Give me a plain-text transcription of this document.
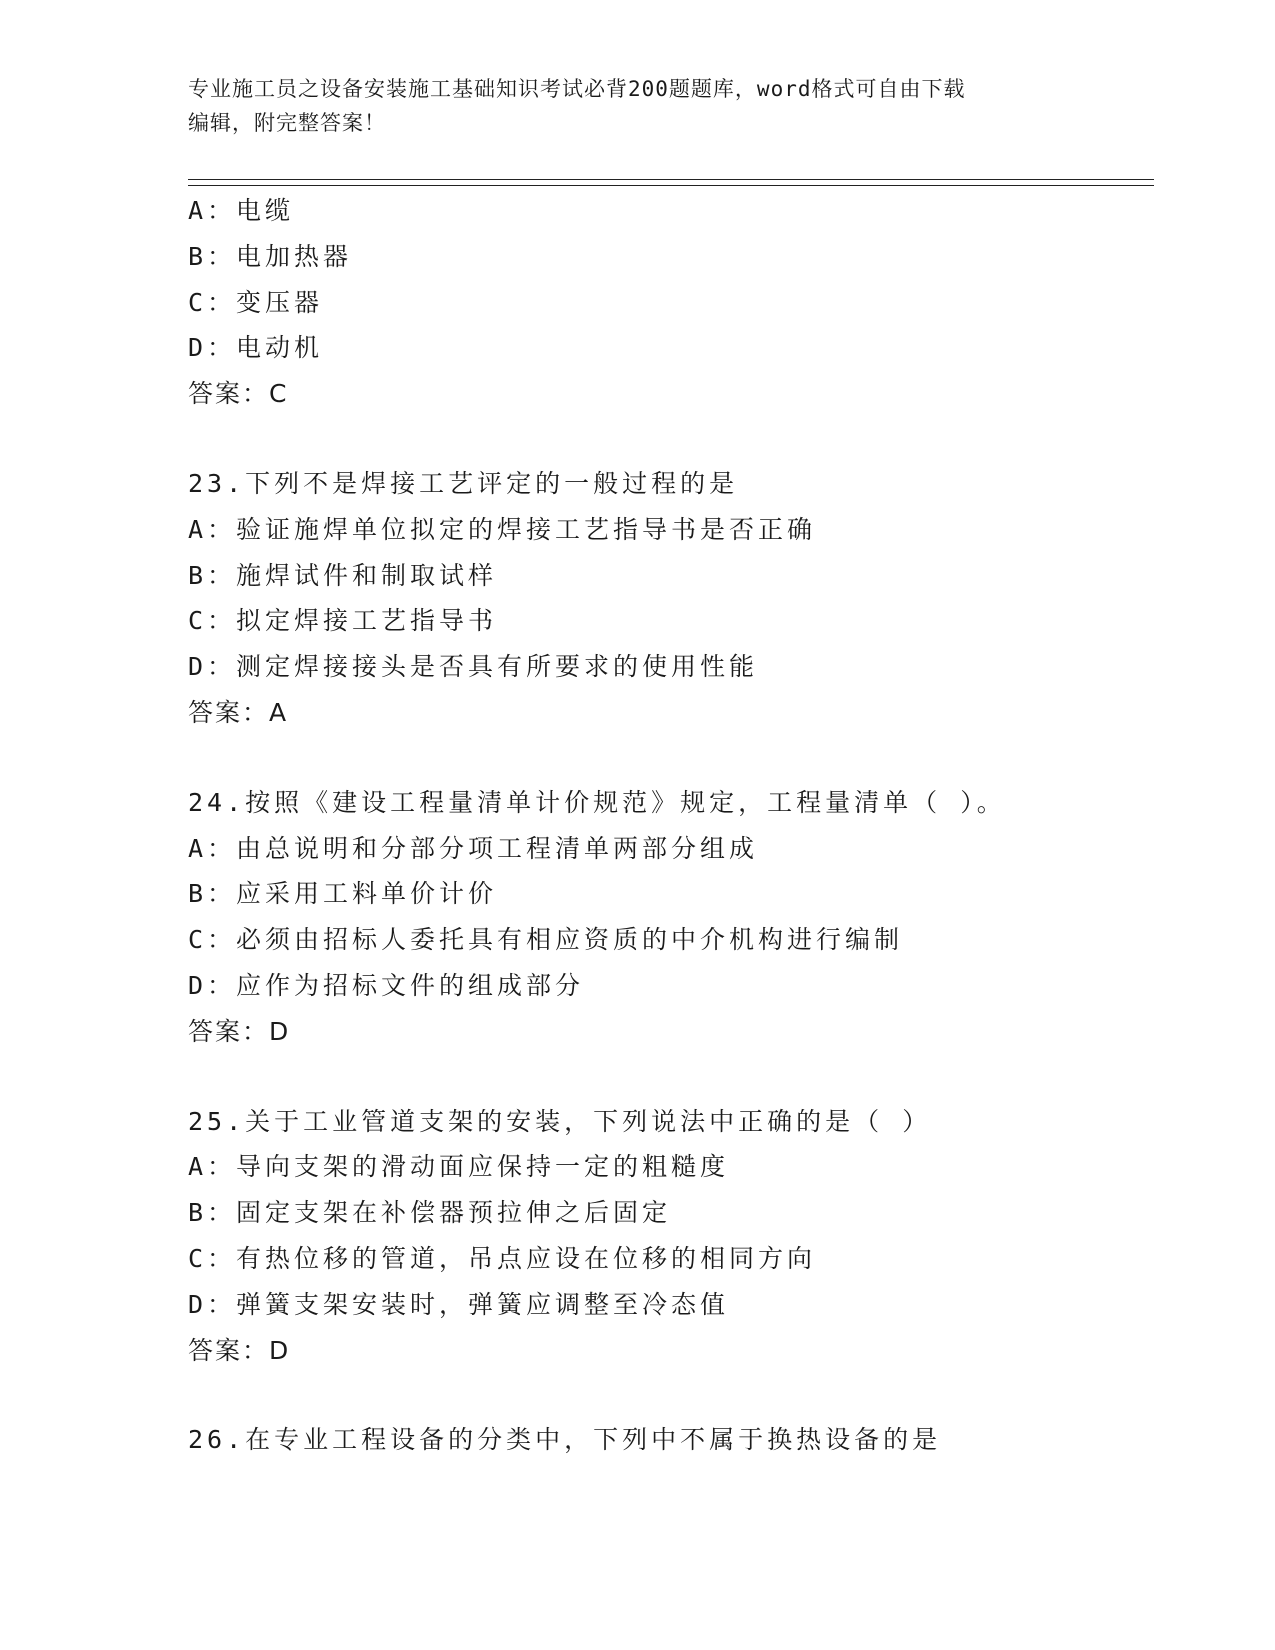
专业施工员之设备安装施工基础知识考试必背200题题库，word格式可自由下载
编辑，附完整答案！
A：电缆
B：电加热器
C：变压器
D：电动机
答案：C
23.下列不是焊接工艺评定的一般过程的是
A：验证施焊单位拟定的焊接工艺指导书是否正确
B：施焊试件和制取试样
C：拟定焊接工艺指导书
D：测定焊接接头是否具有所要求的使用性能
答案：A
24.按照《建设工程量清单计价规范》规定，工程量清单（ ）。
A：由总说明和分部分项工程清单两部分组成
B：应采用工料单价计价
C：必须由招标人委托具有相应资质的中介机构进行编制
D：应作为招标文件的组成部分
答案：D
25.关于工业管道支架的安装，下列说法中正确的是（ ）
A：导向支架的滑动面应保持一定的粗糙度
B：固定支架在补偿器预拉伸之后固定
C：有热位移的管道，吊点应设在位移的相同方向
D：弹簧支架安装时，弹簧应调整至冷态值
答案：D
26.在专业工程设备的分类中，下列中不属于换热设备的是
